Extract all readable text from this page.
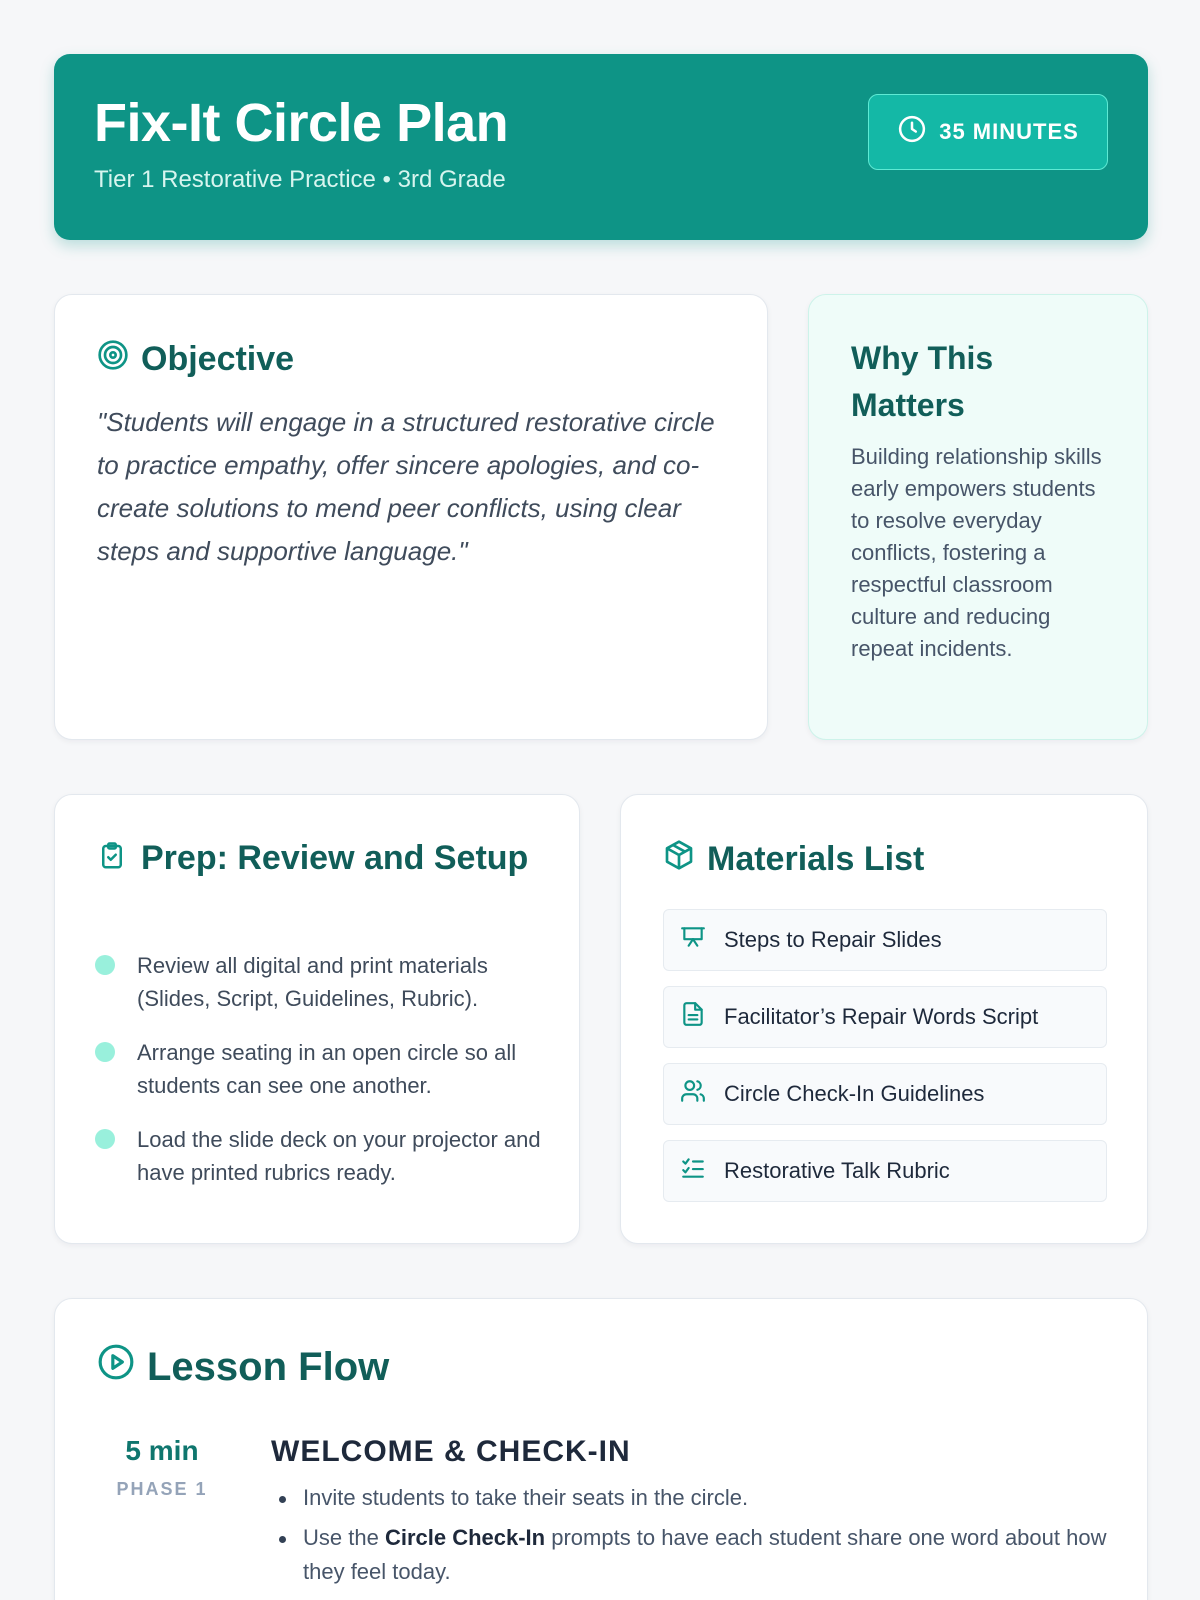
Fix-It Circle Plan
Tier 1 Restorative Practice • 3rd Grade
35 MINUTES
Objective
"Students will engage in a structured restorative circle to practice empathy, offer sincere apologies, and co-create solutions to mend peer conflicts, using clear steps and supportive language."
Why This Matters
Building relationship skills early empowers students to resolve everyday conflicts, fostering a respectful classroom culture and reducing repeat incidents.
Prep: Review and Setup
Review all digital and print materials (Slides, Script, Guidelines, Rubric).
Arrange seating in an open circle so all students can see one another.
Load the slide deck on your projector and have printed rubrics ready.
Materials List
Steps to Repair Slides
Facilitator’s Repair Words Script
Circle Check-In Guidelines
Restorative Talk Rubric
Lesson Flow
5 min
PHASE 1
WELCOME & CHECK-IN
Invite students to take their seats in the circle.
Use the Circle Check-In prompts to have each student share one word about how they feel today.
